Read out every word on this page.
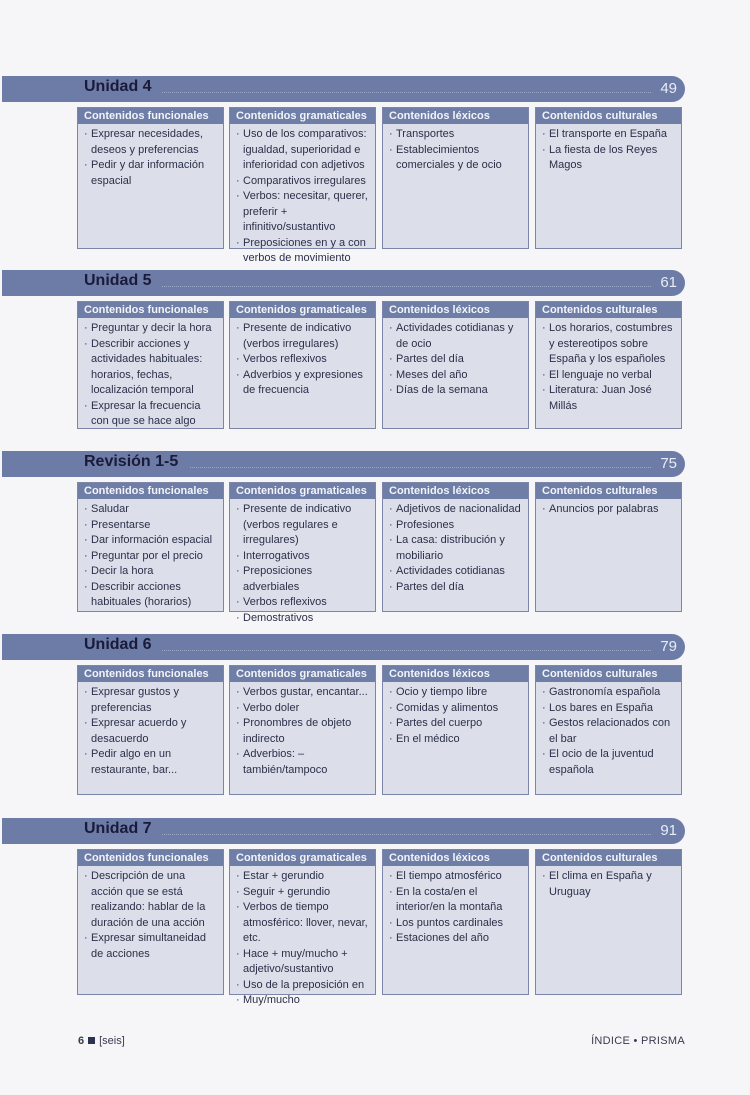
Unidad 4	49
Contenidos funcionales
· Expresar necesidades, deseos y preferencias
· Pedir y dar información espacial
Contenidos gramaticales
· Uso de los comparativos: igualdad, superioridad e inferioridad con adjetivos
· Comparativos irregulares
· Verbos: necesitar, querer, preferir + infinitivo/sustantivo
· Preposiciones en y a con verbos de movimiento
Contenidos léxicos
· Transportes
· Establecimientos comerciales y de ocio
Contenidos culturales
· El transporte en España
· La fiesta de los Reyes Magos
Unidad 5	61
Contenidos funcionales
· Preguntar y decir la hora
· Describir acciones y actividades habituales: horarios, fechas, localización temporal
· Expresar la frecuencia con que se hace algo
Contenidos gramaticales
· Presente de indicativo (verbos irregulares)
· Verbos reflexivos
· Adverbios y expresiones de frecuencia
Contenidos léxicos
· Actividades cotidianas y de ocio
· Partes del día
· Meses del año
· Días de la semana
Contenidos culturales
· Los horarios, costumbres y estereotipos sobre España y los españoles
· El lenguaje no verbal
· Literatura: Juan José Millás
Revisión 1-5	75
Contenidos funcionales
· Saludar
· Presentarse
· Dar información espacial
· Preguntar por el precio
· Decir la hora
· Describir acciones habituales (horarios)
Contenidos gramaticales
· Presente de indicativo (verbos regulares e irregulares)
· Interrogativos
· Preposiciones adverbiales
· Verbos reflexivos
· Demostrativos
Contenidos léxicos
· Adjetivos de nacionalidad
· Profesiones
· La casa: distribución y mobiliario
· Actividades cotidianas
· Partes del día
Contenidos culturales
· Anuncios por palabras
Unidad 6	79
Contenidos funcionales
· Expresar gustos y preferencias
· Expresar acuerdo y desacuerdo
· Pedir algo en un restaurante, bar...
Contenidos gramaticales
· Verbos gustar, encantar...
· Verbo doler
· Pronombres de objeto indirecto
· Adverbios: – también/tampoco
Contenidos léxicos
· Ocio y tiempo libre
· Comidas y alimentos
· Partes del cuerpo
· En el médico
Contenidos culturales
· Gastronomía española
· Los bares en España
· Gestos relacionados con el bar
· El ocio de la juventud española
Unidad 7	91
Contenidos funcionales
· Descripción de una acción que se está realizando: hablar de la duración de una acción
· Expresar simultaneidad de acciones
Contenidos gramaticales
· Estar + gerundio
· Seguir + gerundio
· Verbos de tiempo atmosférico: llover, nevar, etc.
· Hace + muy/mucho + adjetivo/sustantivo
· Uso de la preposición en
· Muy/mucho
Contenidos léxicos
· El tiempo atmosférico
· En la costa/en el interior/en la montaña
· Los puntos cardinales
· Estaciones del año
Contenidos culturales
· El clima en España y Uruguay
6 [seis]	ÍNDICE • PRISMA
